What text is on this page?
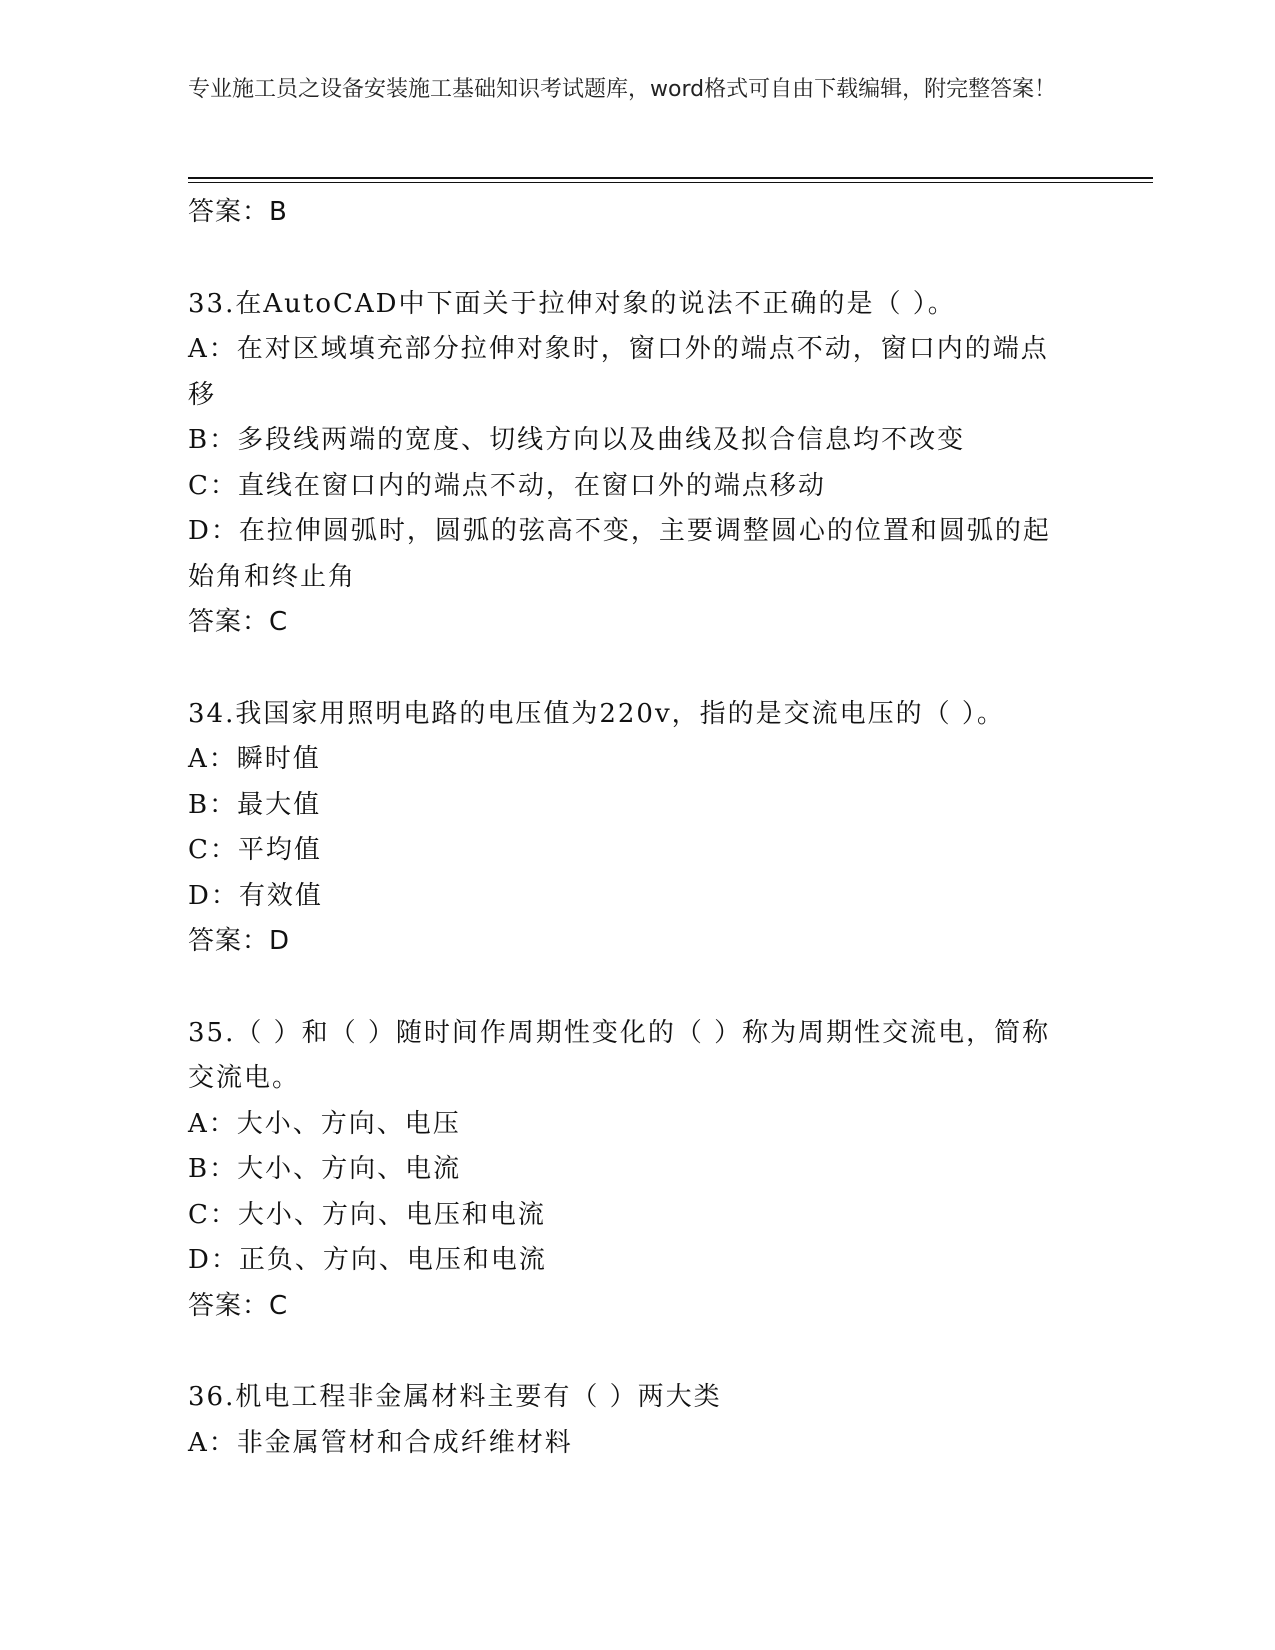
专业施工员之设备安装施工基础知识考试题库，word格式可自由下载编辑，附完整答案！
答案：B
33.在AutoCAD中下面关于拉伸对象的说法不正确的是（ ）。
A：在对区域填充部分拉伸对象时，窗口外的端点不动，窗口内的端点移
B：多段线两端的宽度、切线方向以及曲线及拟合信息均不改变
C：直线在窗口内的端点不动，在窗口外的端点移动
D：在拉伸圆弧时，圆弧的弦高不变，主要调整圆心的位置和圆弧的起始角和终止角
答案：C
34.我国家用照明电路的电压值为220v，指的是交流电压的（ ）。
A：瞬时值
B：最大值
C：平均值
D：有效值
答案：D
35.（ ）和（ ）随时间作周期性变化的（ ）称为周期性交流电，简称交流电。
A：大小、方向、电压
B：大小、方向、电流
C：大小、方向、电压和电流
D：正负、方向、电压和电流
答案：C
36.机电工程非金属材料主要有（ ）两大类
A：非金属管材和合成纤维材料
